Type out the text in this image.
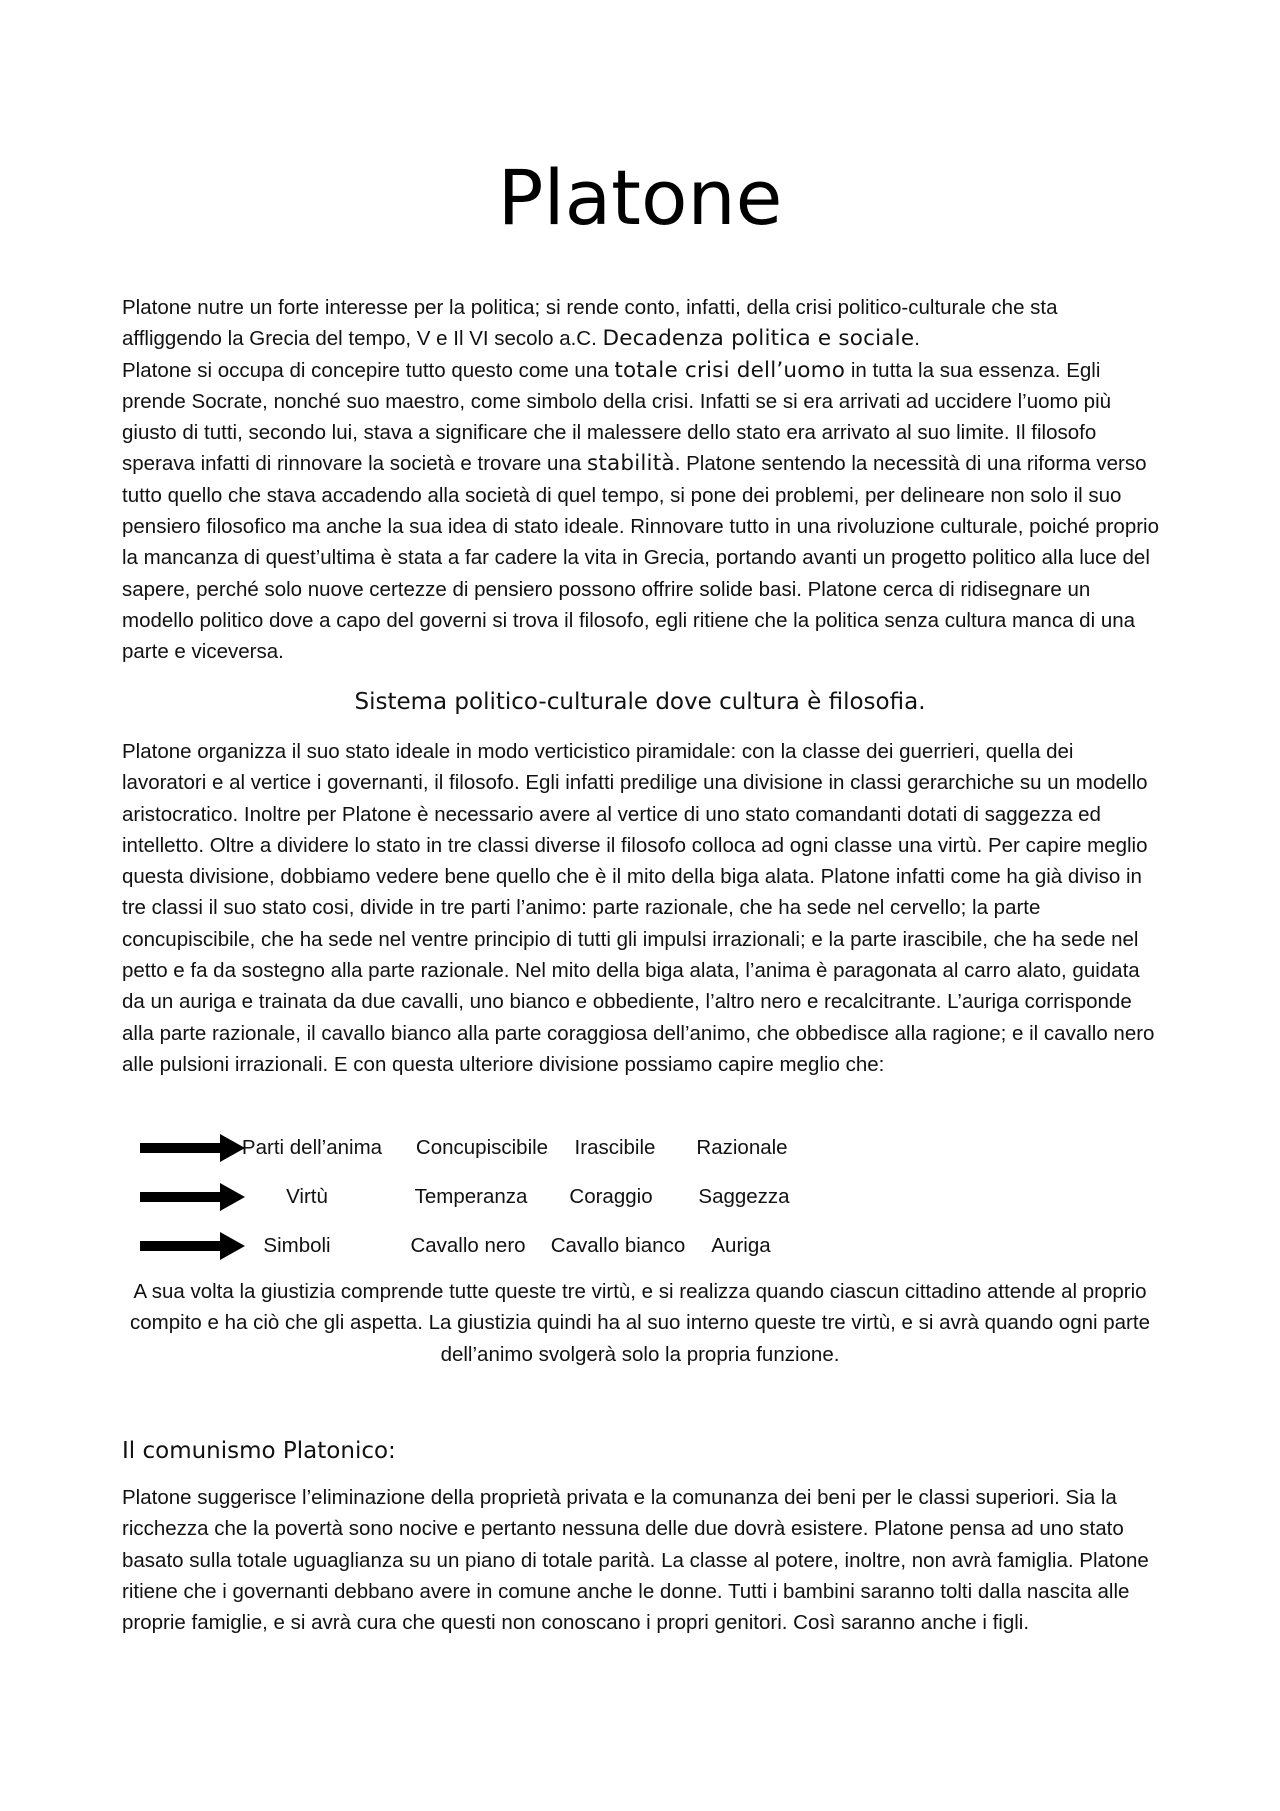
Platone

Platone nutre un forte interesse per la politica; si rende conto, infatti, della crisi politico-culturale che sta affliggendo la Grecia del tempo, V e Il VI secolo a.C. Decadenza politica e sociale.

Platone si occupa di concepire tutto questo come una totale crisi dell’uomo in tutta la sua essenza. Egli prende Socrate, nonché suo maestro, come simbolo della crisi. Infatti se si era arrivati ad uccidere l’uomo più giusto di tutti, secondo lui, stava a significare che il malessere dello stato era arrivato al suo limite. Il filosofo sperava infatti di rinnovare la società e trovare una stabilità. Platone sentendo la necessità di una riforma verso tutto quello che stava accadendo alla società di quel tempo, si pone dei problemi, per delineare non solo il suo pensiero filosofico ma anche la sua idea di stato ideale. Rinnovare tutto in una rivoluzione culturale, poiché proprio la mancanza di quest’ultima è stata a far cadere la vita in Grecia, portando avanti un progetto politico alla luce del sapere, perché solo nuove certezze di pensiero possono offrire solide basi. Platone cerca di ridisegnare un modello politico dove a capo del governi si trova il filosofo, egli ritiene che la politica senza cultura manca di una parte e viceversa.

Sistema politico-culturale dove cultura è filosofia.

Platone organizza il suo stato ideale in modo verticistico piramidale: con la classe dei guerrieri, quella dei lavoratori e al vertice i governanti, il filosofo. Egli infatti predilige una divisione in classi gerarchiche su un modello aristocratico. Inoltre per Platone è necessario avere al vertice di uno stato comandanti dotati di saggezza ed intelletto. Oltre a dividere lo stato in tre classi diverse il filosofo colloca ad ogni classe una virtù. Per capire meglio questa divisione, dobbiamo vedere bene quello che è il mito della biga alata. Platone infatti come ha già diviso in tre classi il suo stato cosi, divide in tre parti l’animo: parte razionale, che ha sede nel cervello; la parte concupiscibile, che ha sede nel ventre principio di tutti gli impulsi irrazionali; e la parte irascibile, che ha sede nel petto e fa da sostegno alla parte razionale. Nel mito della biga alata, l’anima è paragonata al carro alato, guidata da un auriga e trainata da due cavalli, uno bianco e obbediente, l’altro nero e recalcitrante. L’auriga corrisponde alla parte razionale, il cavallo bianco alla parte coraggiosa dell’animo, che obbedisce alla ragione; e il cavallo nero alle pulsioni irrazionali. E con questa ulteriore divisione possiamo capire meglio che:

Parti dell’anima Concupiscibile Irascibile Razionale
Virtù	Temperanza Coraggio Saggezza
Simboli	Cavallo nero Cavallo bianco Auriga

A sua volta la giustizia comprende tutte queste tre virtù, e si realizza quando ciascun cittadino attende al proprio compito e ha ciò che gli aspetta. La giustizia quindi ha al suo interno queste tre virtù, e si avrà quando ogni parte dell’animo svolgerà solo la propria funzione.

Il comunismo Platonico:

Platone suggerisce l’eliminazione della proprietà privata e la comunanza dei beni per le classi superiori. Sia la ricchezza che la povertà sono nocive e pertanto nessuna delle due dovrà esistere. Platone pensa ad uno stato basato sulla totale uguaglianza su un piano di totale parità. La classe al potere, inoltre, non avrà famiglia. Platone ritiene che i governanti debbano avere in comune anche le donne. Tutti i bambini saranno tolti dalla nascita alle proprie famiglie, e si avrà cura che questi non conoscano i propri genitori. Così saranno anche i figli.
